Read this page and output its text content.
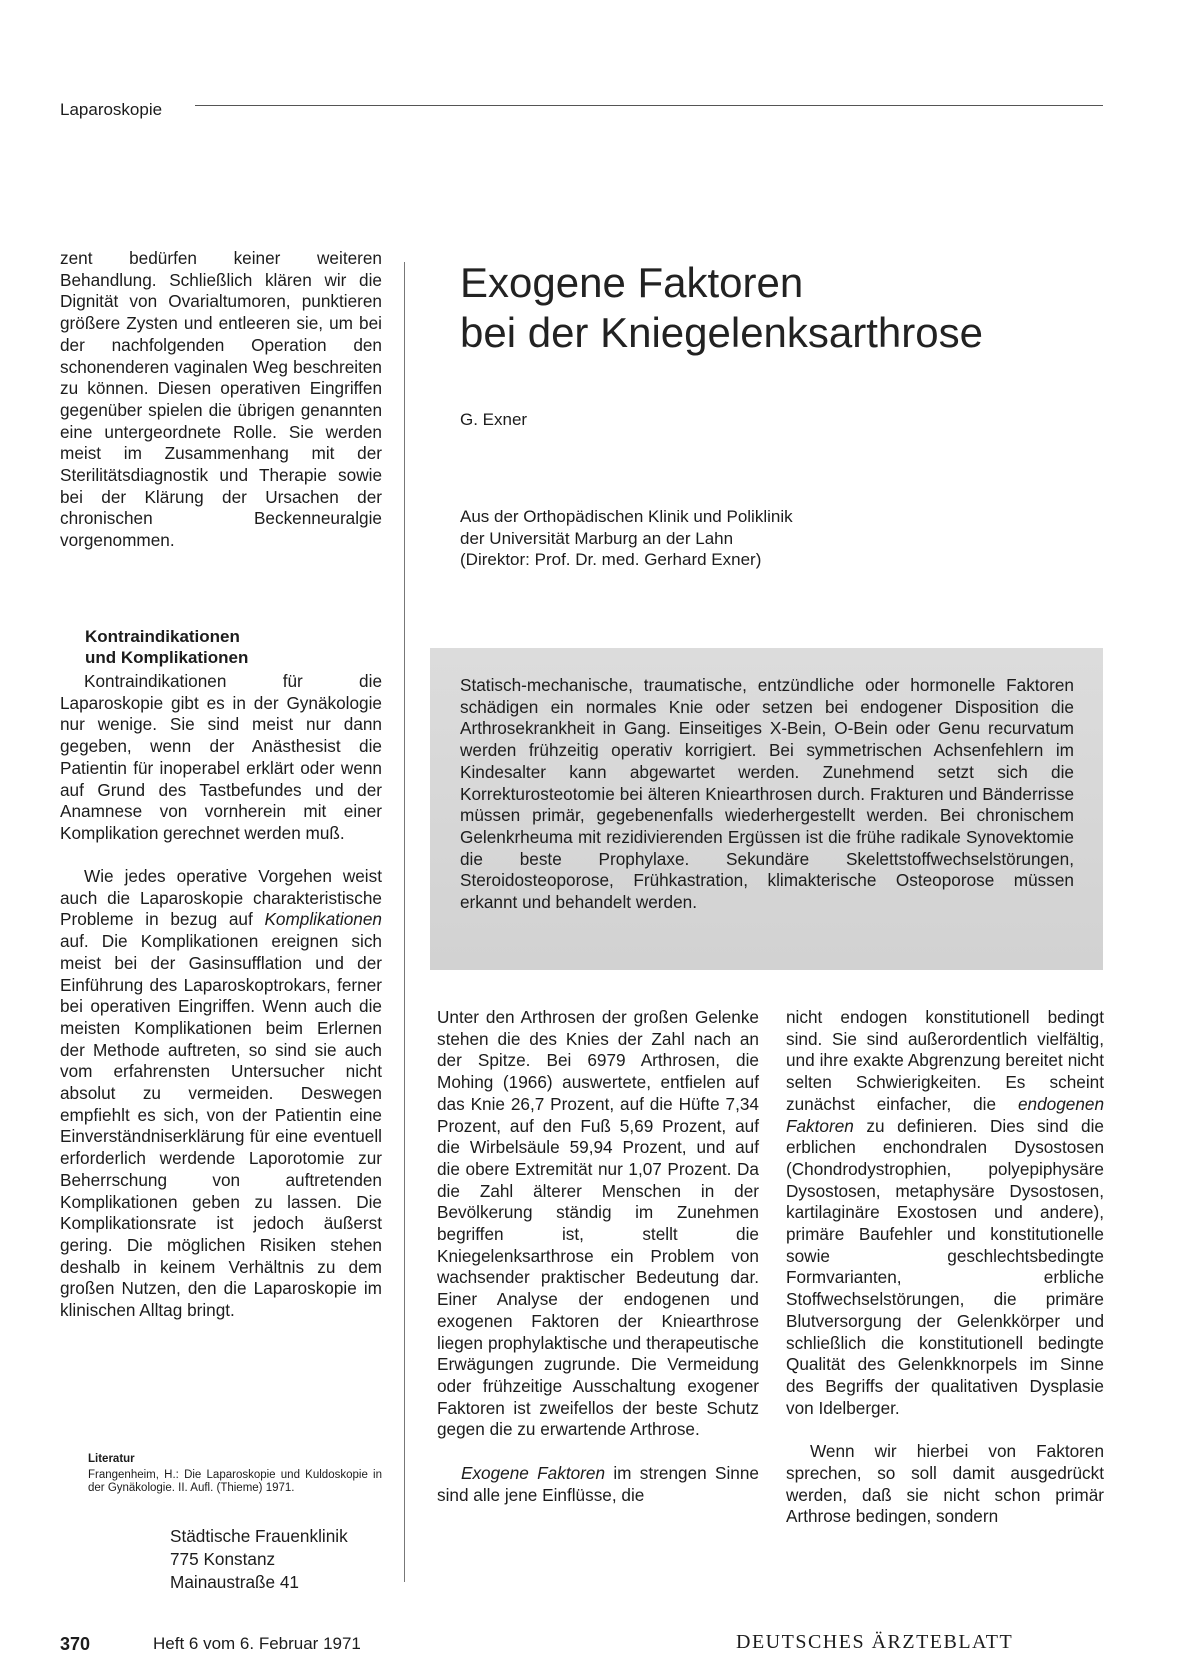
Laparoskopie

zent bedürfen keiner weiteren Behandlung. Schließlich klären wir die Dignität von Ovarialtumoren, punktieren größere Zysten und entleeren sie, um bei der nachfolgenden Operation den schonenderen vaginalen Weg beschreiten zu können. Diesen operativen Eingriffen gegenüber spielen die übrigen genannten eine untergeordnete Rolle. Sie werden meist im Zusammenhang mit der Sterilitätsdiagnostik und Therapie sowie bei der Klärung der Ursachen der chronischen Beckenneuralgie vorgenommen.

Kontraindikationen
und Komplikationen

Kontraindikationen für die Laparoskopie gibt es in der Gynäkologie nur wenige. Sie sind meist nur dann gegeben, wenn der Anästhesist die Patientin für inoperabel erklärt oder wenn auf Grund des Tastbefundes und der Anamnese von vornherein mit einer Komplikation gerechnet werden muß.

Wie jedes operative Vorgehen weist auch die Laparoskopie charakteristische Probleme in bezug auf Komplikationen auf. Die Komplikationen ereignen sich meist bei der Gasinsufflation und der Einführung des Laparoskoptrokars, ferner bei operativen Eingriffen. Wenn auch die meisten Komplikationen beim Erlernen der Methode auftreten, so sind sie auch vom erfahrensten Untersucher nicht absolut zu vermeiden. Deswegen empfiehlt es sich, von der Patientin eine Einverständniserklärung für eine eventuell erforderlich werdende Laporotomie zur Beherrschung von auftretenden Komplikationen geben zu lassen. Die Komplikationsrate ist jedoch äußerst gering. Die möglichen Risiken stehen deshalb in keinem Verhältnis zu dem großen Nutzen, den die Laparoskopie im klinischen Alltag bringt.

Literatur
Frangenheim, H.: Die Laparoskopie und Kuldoskopie in der Gynäkologie. II. Aufl. (Thieme) 1971.
Städtische Frauenklinik
775 Konstanz
Mainaustraße 41
Exogene Faktoren
bei der Kniegelenksarthrose
G. Exner
Aus der Orthopädischen Klinik und Poliklinik
der Universität Marburg an der Lahn
(Direktor: Prof. Dr. med. Gerhard Exner)
Statisch-mechanische, traumatische, entzündliche oder hormonelle Faktoren schädigen ein normales Knie oder setzen bei endogener Disposition die Arthrosekrankheit in Gang. Einseitiges X-Bein, O-Bein oder Genu recurvatum werden frühzeitig operativ korrigiert. Bei symmetrischen Achsenfehlern im Kindesalter kann abgewartet werden. Zunehmend setzt sich die Korrekturosteotomie bei älteren Kniearthrosen durch. Frakturen und Bänderrisse müssen primär, gegebenenfalls wiederhergestellt werden. Bei chronischem Gelenkrheuma mit rezidivierenden Ergüssen ist die frühe radikale Synovektomie die beste Prophylaxe. Sekundäre Skelettstoffwechselstörungen, Steroidosteoporose, Frühkastration, klimakterische Osteoporose müssen erkannt und behandelt werden.

Unter den Arthrosen der großen Gelenke stehen die des Knies der Zahl nach an der Spitze. Bei 6979 Arthrosen, die Mohing (1966) auswertete, entfielen auf das Knie 26,7 Prozent, auf die Hüfte 7,34 Prozent, auf den Fuß 5,69 Prozent, auf die Wirbelsäule 59,94 Prozent, und auf die obere Extremität nur 1,07 Prozent. Da die Zahl älterer Menschen in der Bevölkerung ständig im Zunehmen begriffen ist, stellt die Kniegelenksarthrose ein Problem von wachsender praktischer Bedeutung dar. Einer Analyse der endogenen und exogenen Faktoren der Kniearthrose liegen prophylaktische und therapeutische Erwägungen zugrunde. Die Vermeidung oder frühzeitige Ausschaltung exogener Faktoren ist zweifellos der beste Schutz gegen die zu erwartende Arthrose.

Exogene Faktoren im strengen Sinne sind alle jene Einflüsse, die

nicht endogen konstitutionell bedingt sind. Sie sind außerordentlich vielfältig, und ihre exakte Abgrenzung bereitet nicht selten Schwierigkeiten. Es scheint zunächst einfacher, die endogenen Faktoren zu definieren. Dies sind die erblichen enchondralen Dysostosen (Chondrodystrophien, polyepiphysäre Dysostosen, metaphysäre Dysostosen, kartilaginäre Exostosen und andere), primäre Baufehler und konstitutionelle sowie geschlechtsbedingte Formvarianten, erbliche Stoffwechselstörungen, die primäre Blutversorgung der Gelenkkörper und schließlich die konstitutionell bedingte Qualität des Gelenkknorpels im Sinne des Begriffs der qualitativen Dysplasie von Idelberger.

Wenn wir hierbei von Faktoren sprechen, so soll damit ausgedrückt werden, daß sie nicht schon primär Arthrose bedingen, sondern

370	Heft 6 vom 6. Februar 1971	DEUTSCHES ÄRZTEBLATT
